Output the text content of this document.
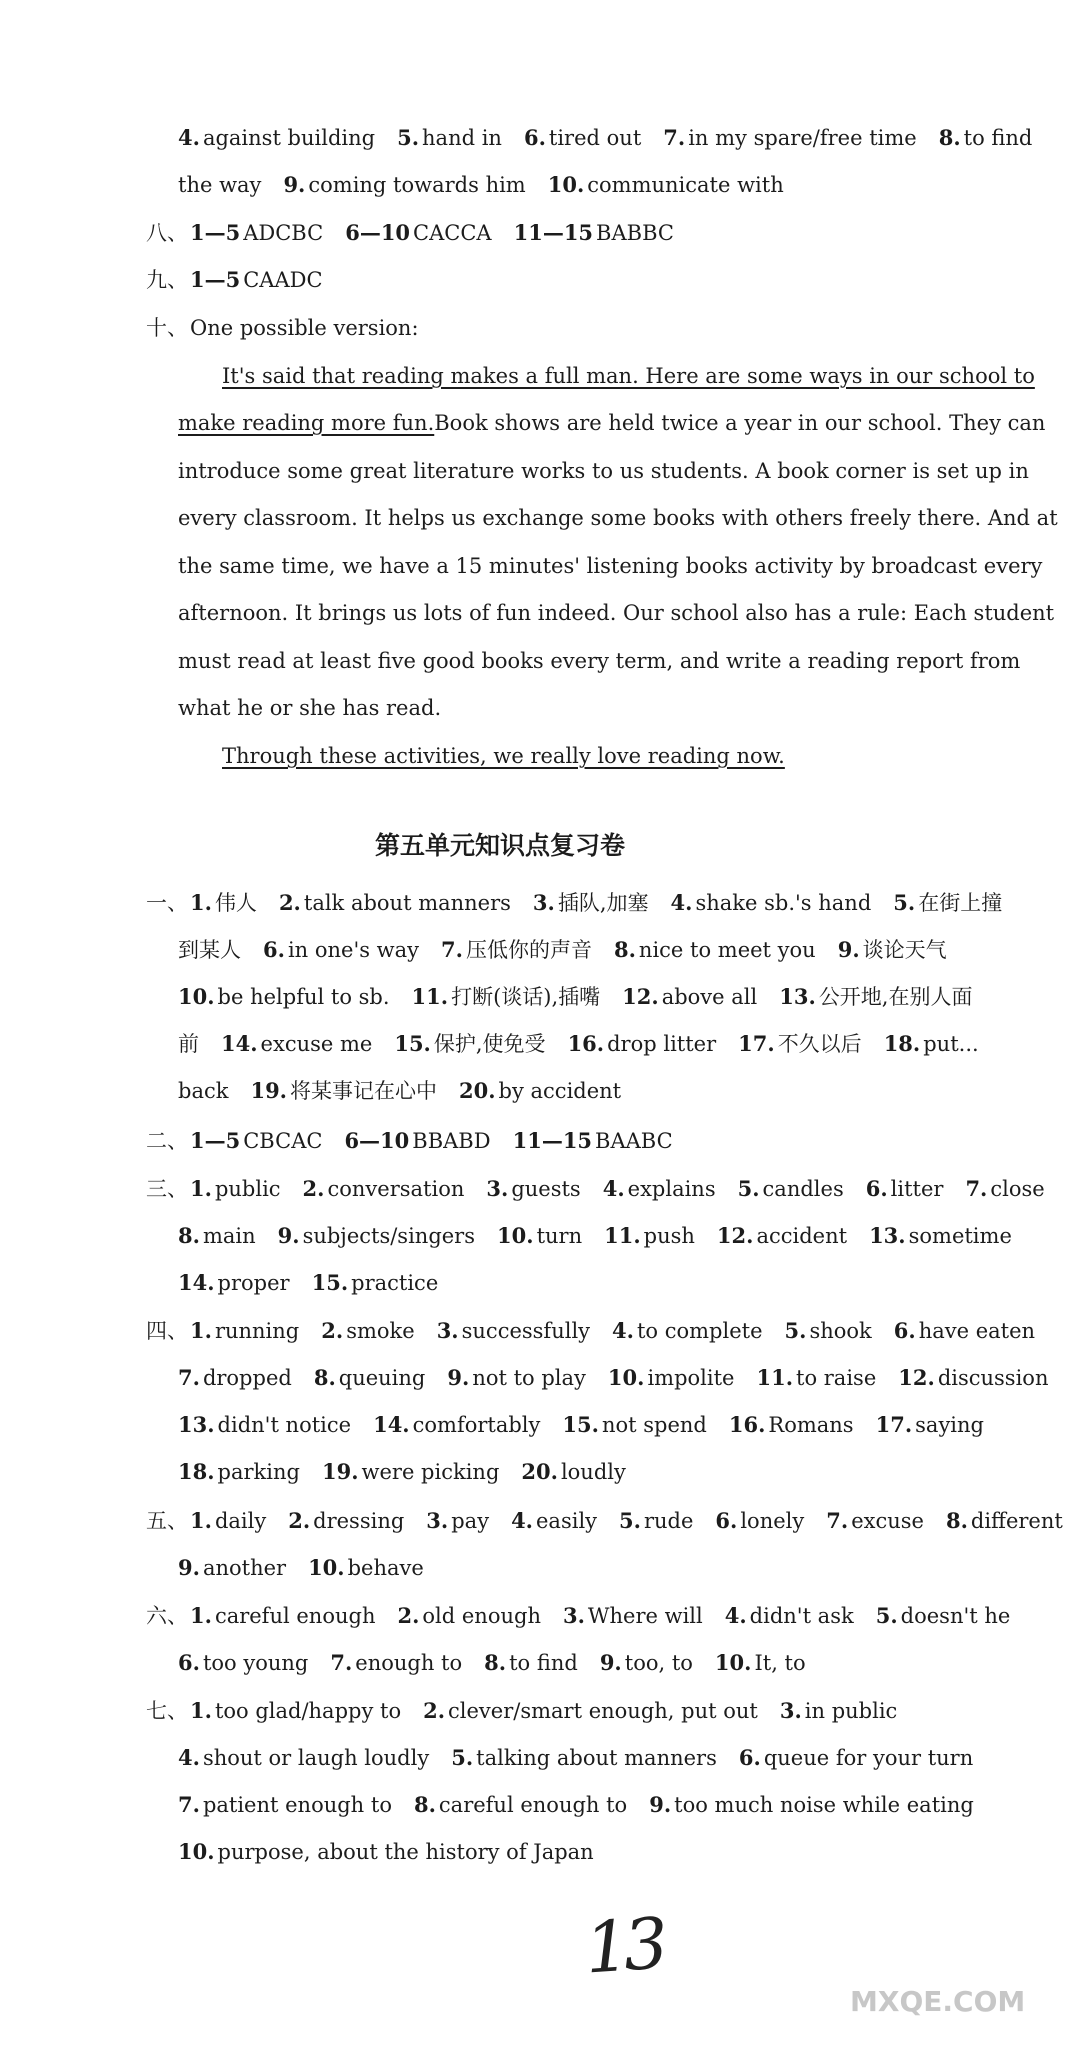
4. against building 5. hand in 6. tired out 7. in my spare/free time 8. to find
the way 9. coming towards him 10. communicate with
八、1—5 ADCBC 6—10 CACCA 11—15 BABBC
九、1—5 CAADC
十、One possible version:
It's said that reading makes a full man. Here are some ways in our school to
make reading more fun.Book shows are held twice a year in our school. They can
introduce some great literature works to us students. A book corner is set up in
every classroom. It helps us exchange some books with others freely there. And at
the same time, we have a 15 minutes' listening books activity by broadcast every
afternoon. It brings us lots of fun indeed. Our school also has a rule: Each student
must read at least five good books every term, and write a reading report from
what he or she has read.
Through these activities, we really love reading now.
第五单元知识点复习卷
一、1. 伟人 2. talk about manners 3. 插队,加塞 4. shake sb.'s hand 5. 在街上撞
到某人 6. in one's way 7. 压低你的声音 8. nice to meet you 9. 谈论天气
10. be helpful to sb. 11. 打断(谈话),插嘴 12. above all 13. 公开地,在别人面
前 14. excuse me 15. 保护,使免受 16. drop litter 17. 不久以后 18. put...
back 19. 将某事记在心中 20. by accident
二、1—5 CBCAC 6—10 BBABD 11—15 BAABC
三、1. public 2. conversation 3. guests 4. explains 5. candles 6. litter 7. close
8. main 9. subjects/singers 10. turn 11. push 12. accident 13. sometime
14. proper 15. practice
四、1. running 2. smoke 3. successfully 4. to complete 5. shook 6. have eaten
7. dropped 8. queuing 9. not to play 10. impolite 11. to raise 12. discussion
13. didn't notice 14. comfortably 15. not spend 16. Romans 17. saying
18. parking 19. were picking 20. loudly
五、1. daily 2. dressing 3. pay 4. easily 5. rude 6. lonely 7. excuse 8. different
9. another 10. behave
六、1. careful enough 2. old enough 3. Where will 4. didn't ask 5. doesn't he
6. too young 7. enough to 8. to find 9. too, to 10. It, to
七、1. too glad/happy to 2. clever/smart enough, put out 3. in public
4. shout or laugh loudly 5. talking about manners 6. queue for your turn
7. patient enough to 8. careful enough to 9. too much noise while eating
10. purpose, about the history of Japan
13
MXQE.COM
